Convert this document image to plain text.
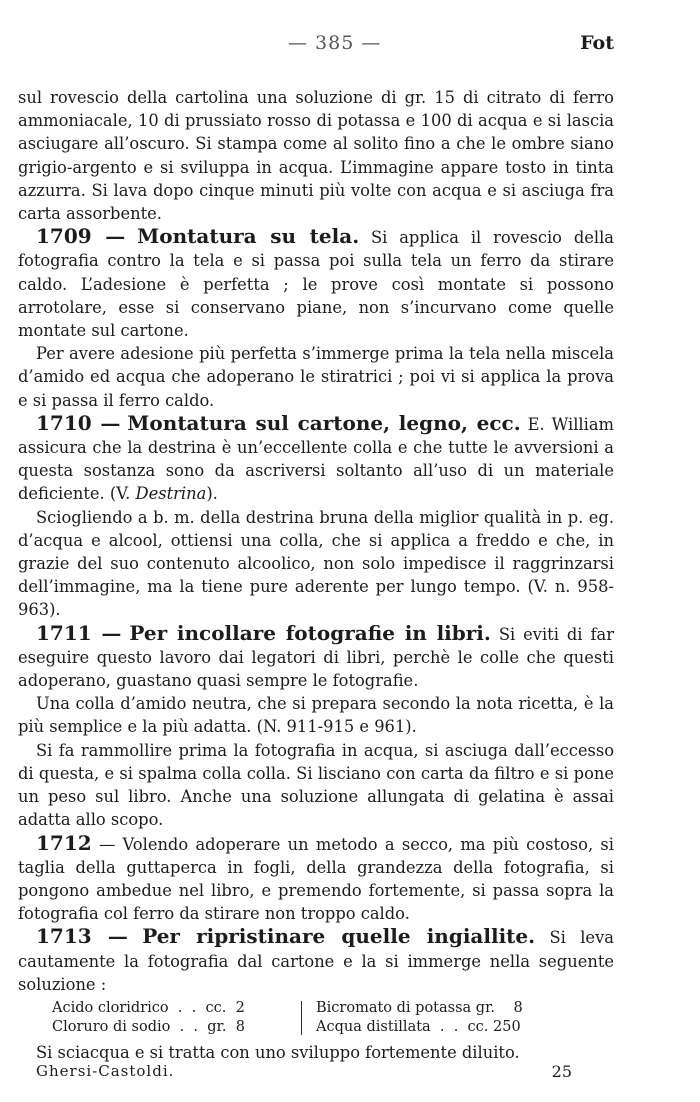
— 385 —	Fot

sul rovescio della cartolina una soluzione di gr. 15 di citrato di ferro ammoniacale, 10 di prussiato rosso di potassa e 100 di acqua e si lascia asciugare all’oscuro. Si stampa come al solito fino a che le ombre siano grigio-argento e si sviluppa in acqua. L’immagine appare tosto in tinta azzurra. Si lava dopo cinque minuti più volte con acqua e si asciuga fra carta assorbente.

1709 — Montatura su tela. Si applica il rovescio della fotografia contro la tela e si passa poi sulla tela un ferro da stirare caldo. L’adesione è perfetta ; le prove così montate si possono arrotolare, esse si conservano piane, non s’incurvano come quelle montate sul cartone.

Per avere adesione più perfetta s’immerge prima la tela nella miscela d’amido ed acqua che adoperano le stiratrici ; poi vi si applica la prova e si passa il ferro caldo.

1710 — Montatura sul cartone, legno, ecc. E. William assicura che la destrina è un’eccellente colla e che tutte le avversioni a questa sostanza sono da ascriversi soltanto all’uso di un materiale deficiente. (V. Destrina).

Sciogliendo a b. m. della destrina bruna della miglior qualità in p. eg. d’acqua e alcool, ottiensi una colla, che si applica a freddo e che, in grazie del suo contenuto alcoolico, non solo impedisce il raggrinzarsi dell’immagine, ma la tiene pure aderente per lungo tempo. (V. n. 958-963).

1711 — Per incollare fotografie in libri. Si eviti di far eseguire questo lavoro dai legatori di libri, perchè le colle che questi adoperano, guastano quasi sempre le fotografie.

Una colla d’amido neutra, che si prepara secondo la nota ricetta, è la più semplice e la più adatta. (N. 911-915 e 961).

Si fa rammollire prima la fotografia in acqua, si asciuga dall’eccesso di questa, e si spalma colla colla. Si lisciano con carta da filtro e si pone un peso sul libro. Anche una soluzione allungata di gelatina è assai adatta allo scopo.

1712 — Volendo adoperare un metodo a secco, ma più costoso, si taglia della guttaperca in fogli, della grandezza della fotografia, si pongono ambedue nel libro, e premendo fortemente, si passa sopra la fotografia col ferro da stirare non troppo caldo.

1713 — Per ripristinare quelle ingiallite. Si leva cautamente la fotografia dal cartone e la si immerge nella seguente soluzione :

Acido cloridrico .  .  cc.
2
Cloruro di sodio .  .  gr.
8
Bicromato di potassa gr.
8
Acqua distillata .  .  cc.
250

Si sciacqua e si tratta con uno sviluppo fortemente diluito.

Ghersi-Castoldi.	25
